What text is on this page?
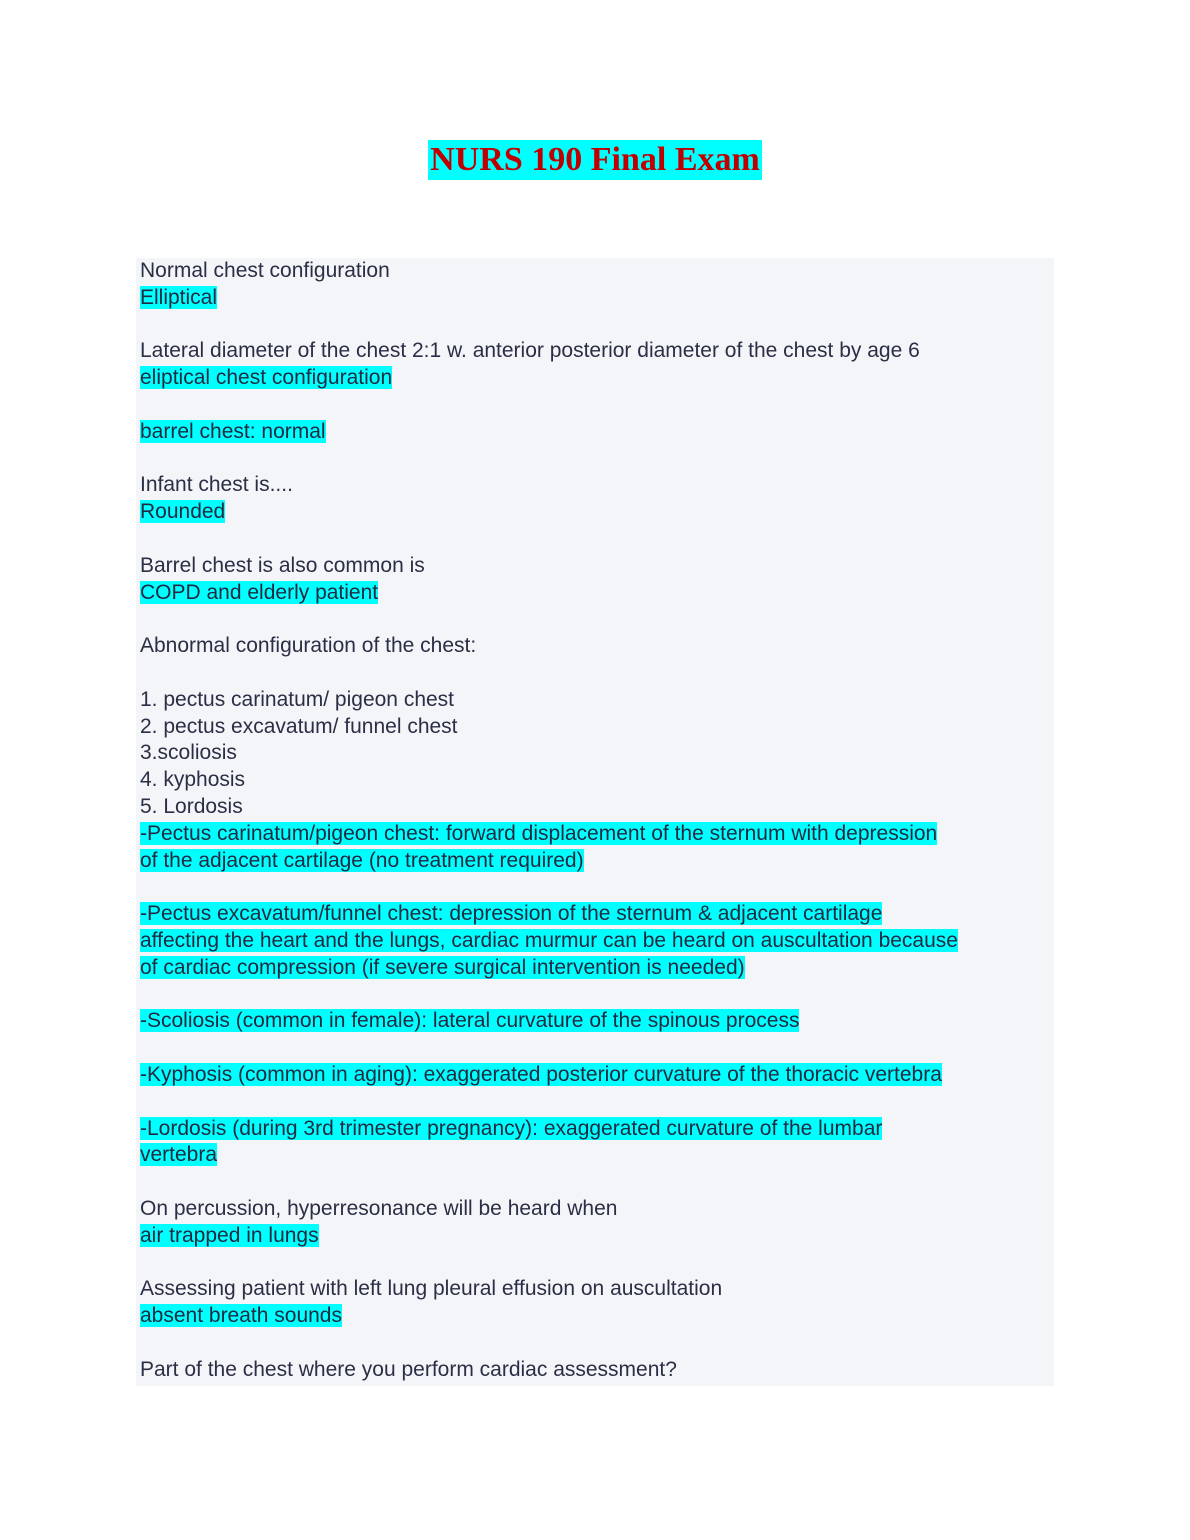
NURS 190 Final Exam
Normal chest configuration
Elliptical
Lateral diameter of the chest 2:1 w. anterior posterior diameter of the chest by age 6
eliptical chest configuration
barrel chest: normal
Infant chest is....
Rounded
Barrel chest is also common is
COPD and elderly patient
Abnormal configuration of the chest:
1. pectus carinatum/ pigeon chest
2. pectus excavatum/ funnel chest
3.scoliosis
4. kyphosis
5. Lordosis
-Pectus carinatum/pigeon chest: forward displacement of the sternum with depression
of the adjacent cartilage (no treatment required)
-Pectus excavatum/funnel chest: depression of the sternum & adjacent cartilage
affecting the heart and the lungs, cardiac murmur can be heard on auscultation because
of cardiac compression (if severe surgical intervention is needed)
-Scoliosis (common in female): lateral curvature of the spinous process
-Kyphosis (common in aging): exaggerated posterior curvature of the thoracic vertebra
-Lordosis (during 3rd trimester pregnancy): exaggerated curvature of the lumbar
vertebra
On percussion, hyperresonance will be heard when
air trapped in lungs
Assessing patient with left lung pleural effusion on auscultation
absent breath sounds
Part of the chest where you perform cardiac assessment?
